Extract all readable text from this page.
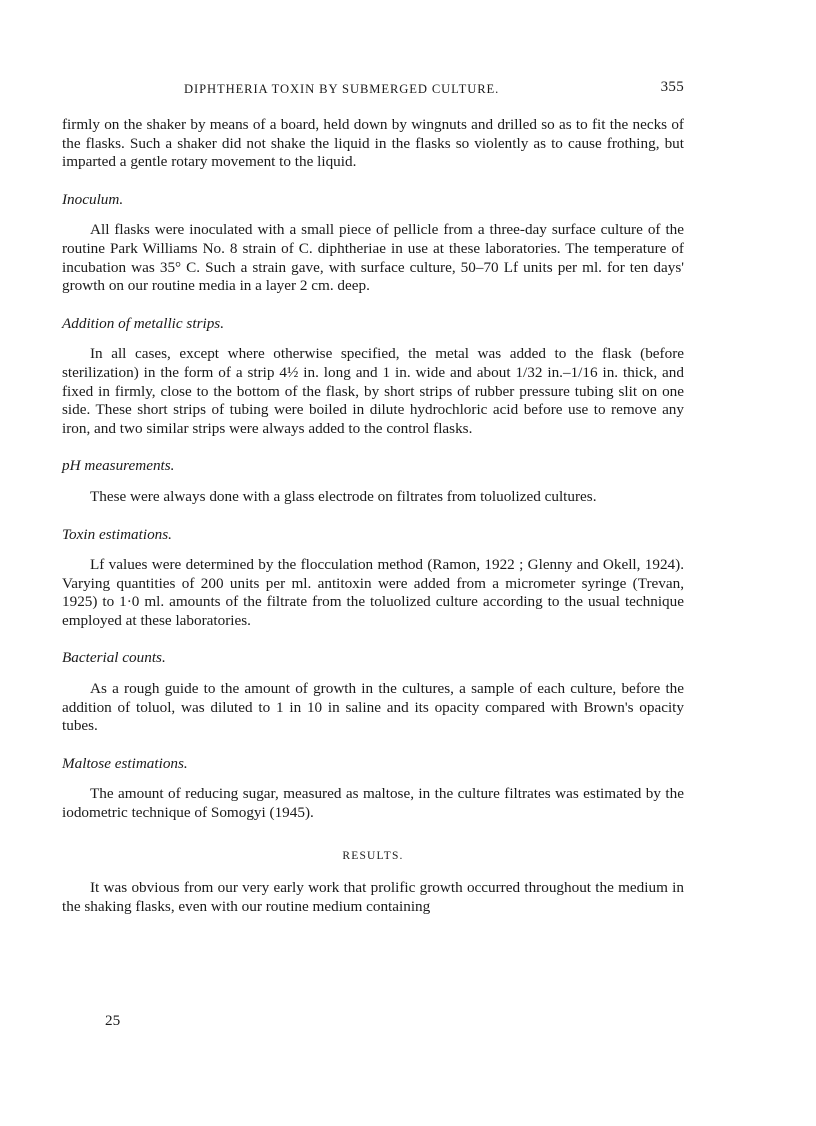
DIPHTHERIA TOXIN BY SUBMERGED CULTURE.	355

firmly on the shaker by means of a board, held down by wingnuts and drilled so as to fit the necks of the flasks. Such a shaker did not shake the liquid in the flasks so violently as to cause frothing, but imparted a gentle rotary movement to the liquid.

Inoculum.

All flasks were inoculated with a small piece of pellicle from a three-day surface culture of the routine Park Williams No. 8 strain of C. diphtheriae in use at these laboratories. The temperature of incubation was 35° C. Such a strain gave, with surface culture, 50–70 Lf units per ml. for ten days' growth on our routine media in a layer 2 cm. deep.

Addition of metallic strips.

In all cases, except where otherwise specified, the metal was added to the flask (before sterilization) in the form of a strip 4½ in. long and 1 in. wide and about 1/32 in.–1/16 in. thick, and fixed in firmly, close to the bottom of the flask, by short strips of rubber pressure tubing slit on one side. These short strips of tubing were boiled in dilute hydrochloric acid before use to remove any iron, and two similar strips were always added to the control flasks.

pH measurements.

These were always done with a glass electrode on filtrates from toluolized cultures.

Toxin estimations.

Lf values were determined by the flocculation method (Ramon, 1922 ; Glenny and Okell, 1924). Varying quantities of 200 units per ml. antitoxin were added from a micrometer syringe (Trevan, 1925) to 1·0 ml. amounts of the filtrate from the toluolized culture according to the usual technique employed at these laboratories.

Bacterial counts.

As a rough guide to the amount of growth in the cultures, a sample of each culture, before the addition of toluol, was diluted to 1 in 10 in saline and its opacity compared with Brown's opacity tubes.

Maltose estimations.

The amount of reducing sugar, measured as maltose, in the culture filtrates was estimated by the iodometric technique of Somogyi (1945).

RESULTS.

It was obvious from our very early work that prolific growth occurred throughout the medium in the shaking flasks, even with our routine medium containing

25
